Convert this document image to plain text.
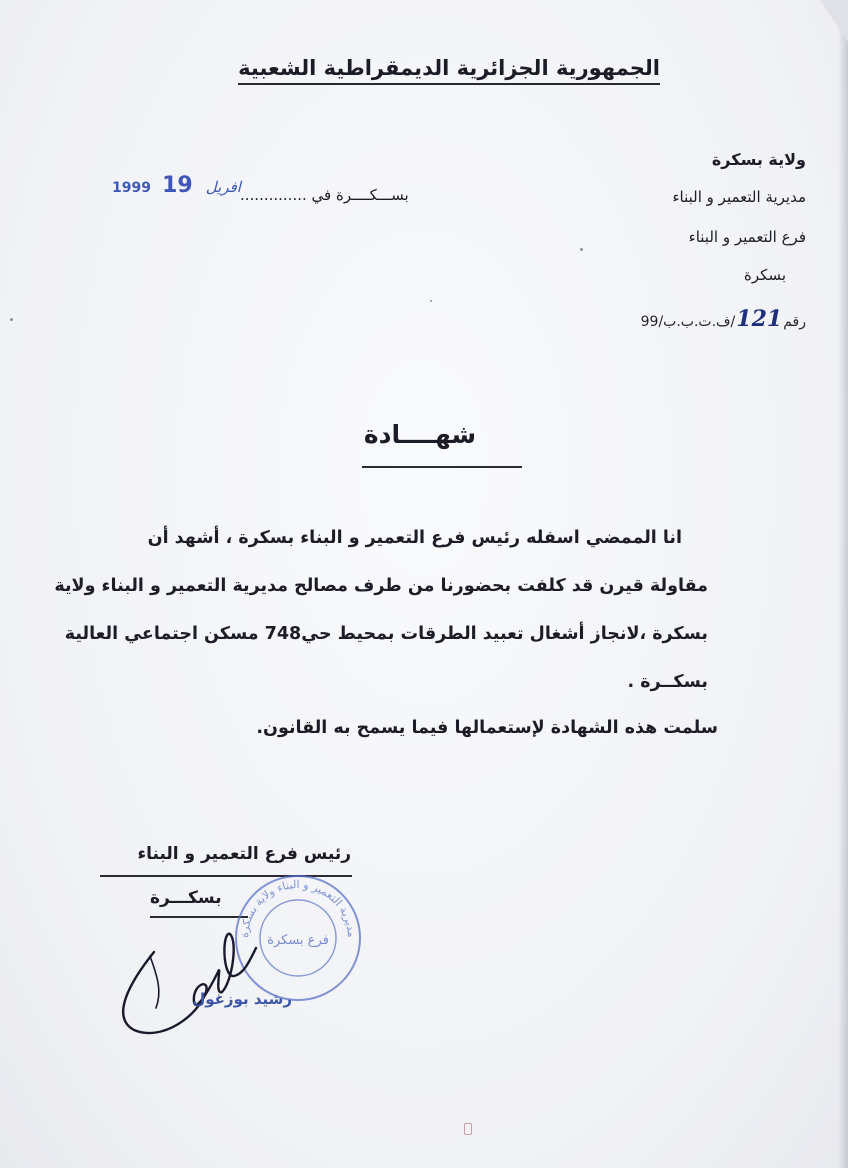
الجمهورية الجزائرية الديمقراطية الشعبية
ولاية بسكرة
مديرية التعمير و البناء
فرع التعمير و البناء
بسكرة
رقم121/ف.ت.ب.ب/99
بســـكــــرة في ..............
1999	افريل 19
شهــــادة
انا الممضي اسفله رئيس فرع التعمير و البناء بسكرة ، أشهد أن
مقاولة قيرن قد كلفت بحضورنا من طرف مصالح مديرية التعمير و البناء ولاية
بسكرة ،لانجاز أشغال تعبيد الطرقات بمحيط حي748 مسكن اجتماعي العالية
بسكــرة .
سلمت هذه الشهادة لإستعمالها فيما يسمح به القانون.
رئيس فرع التعمير و البناء
بسكـــرة
مديرية التعمير و البناء ولاية بسكرة
فرع بسكرة
رشيد بوزغول
